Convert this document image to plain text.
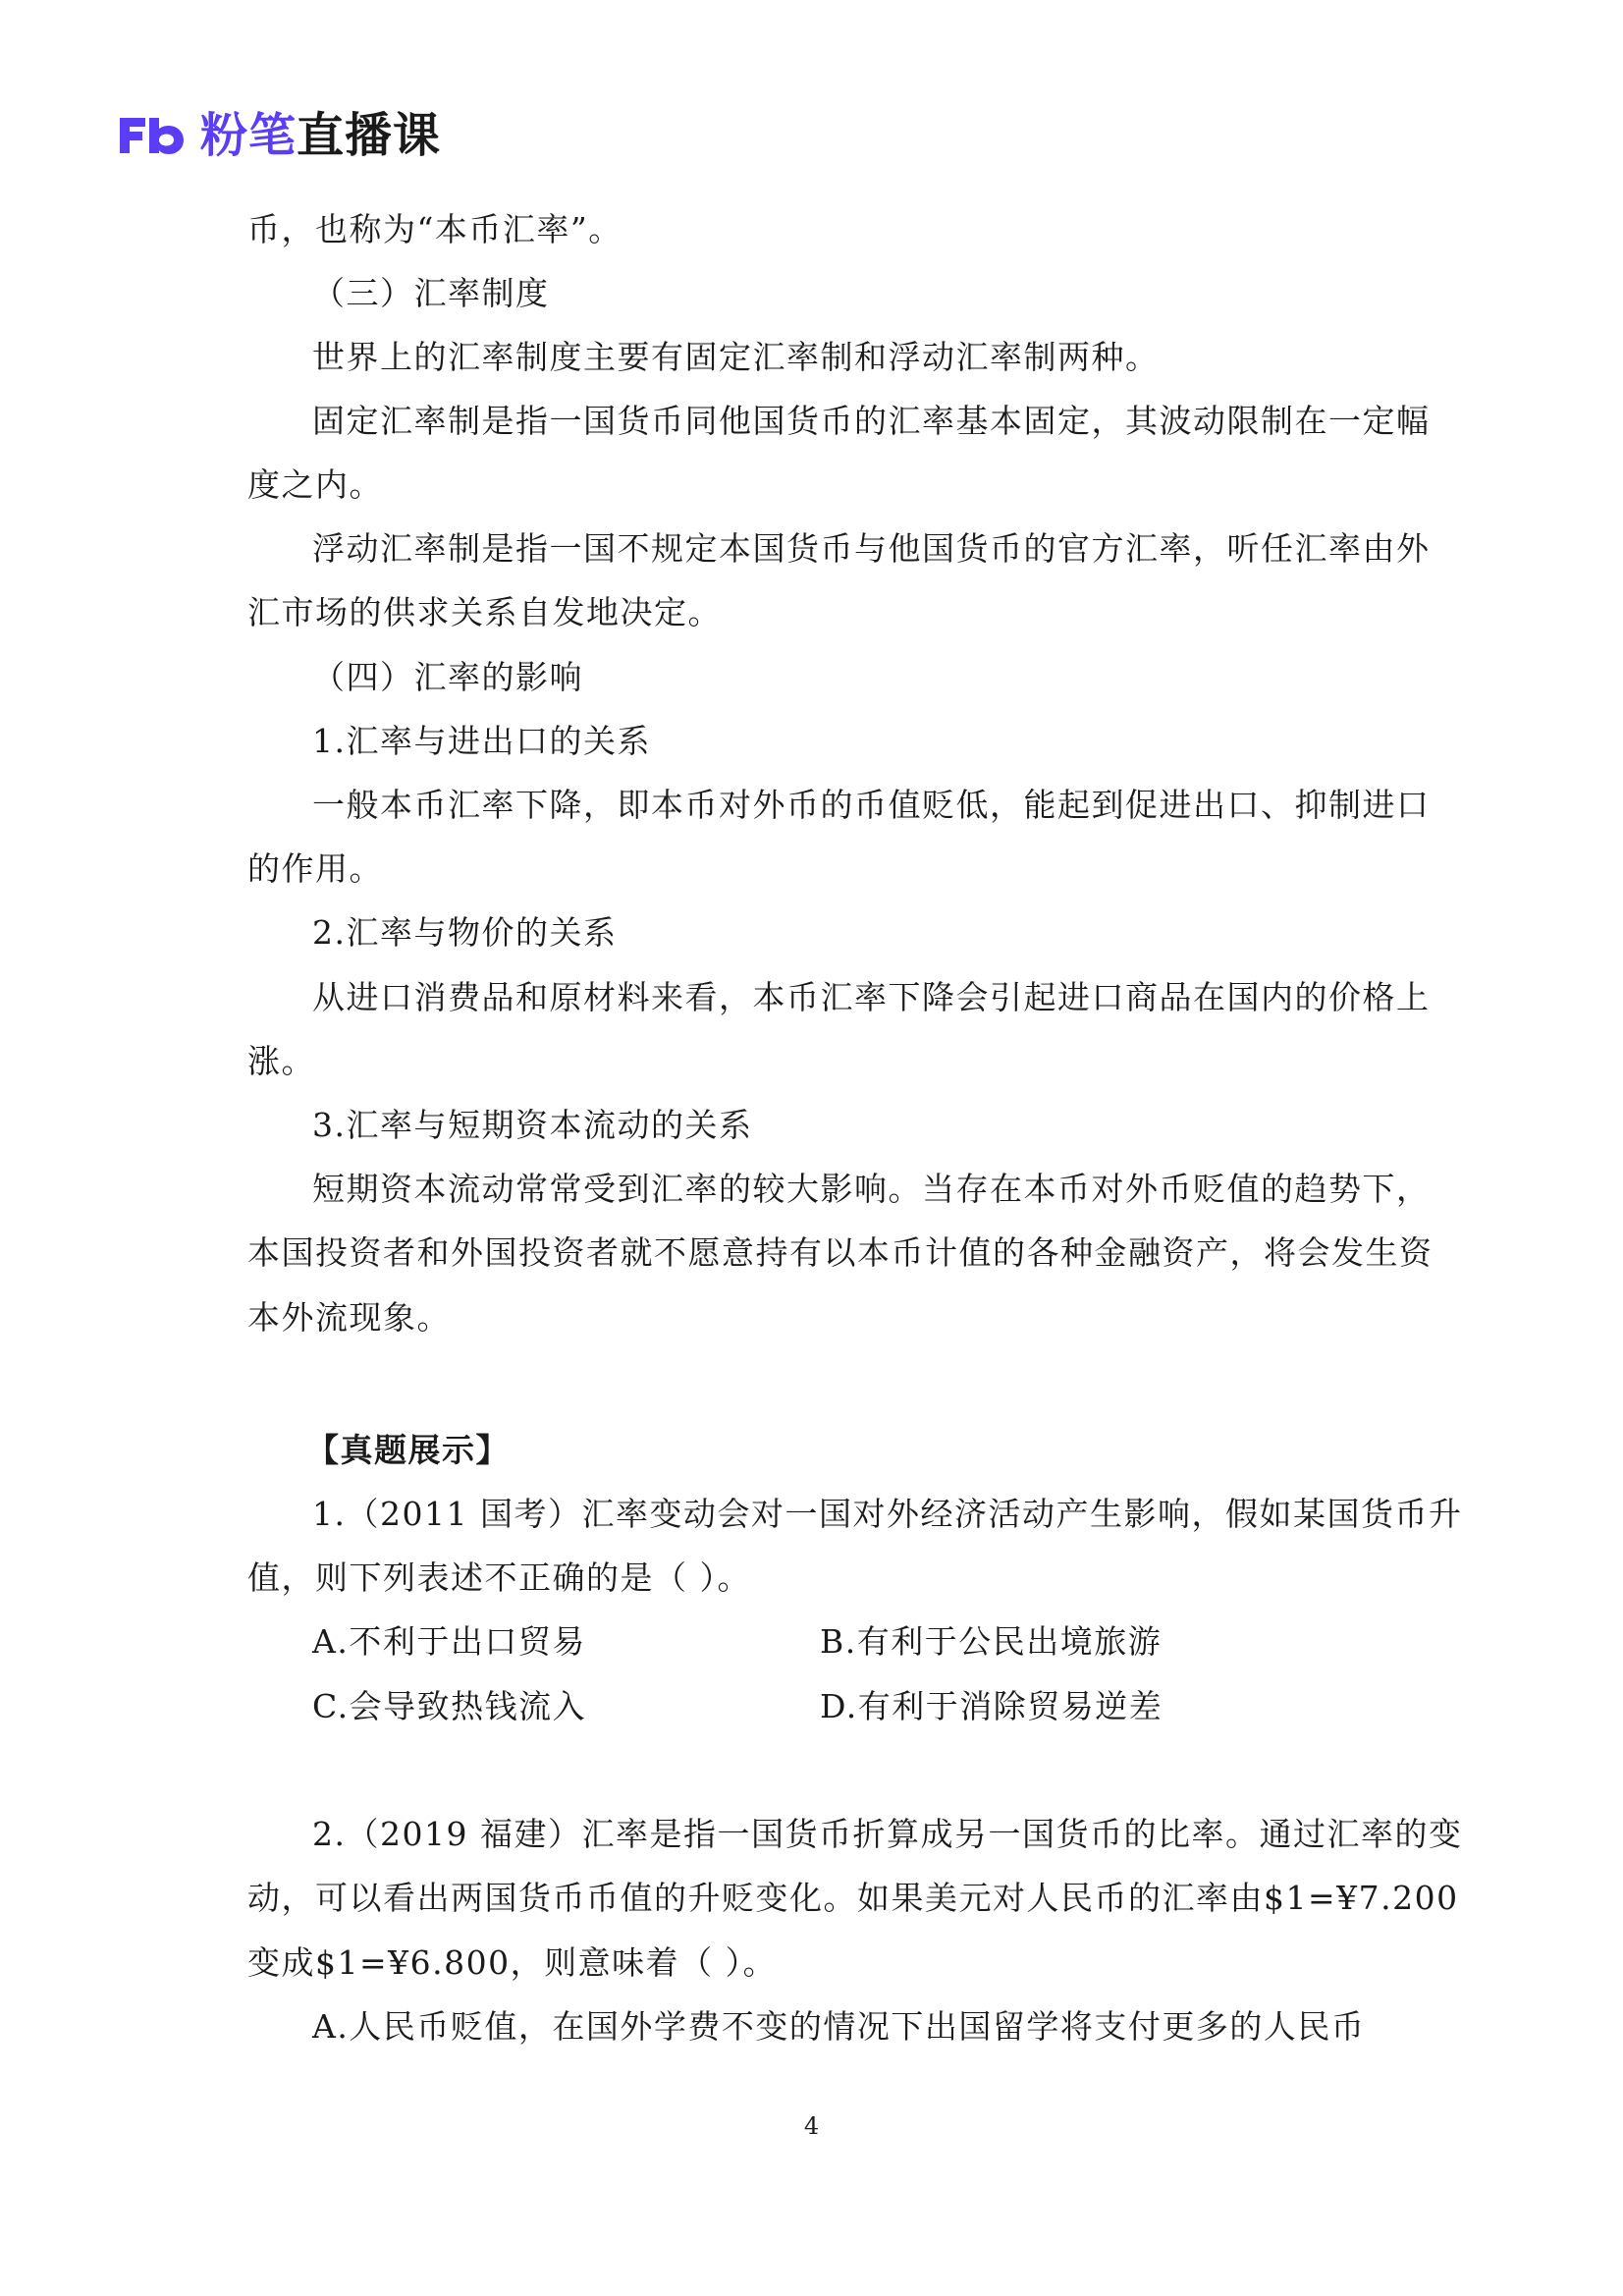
粉笔直播课
币，也称为“本币汇率”。
（三）汇率制度
世界上的汇率制度主要有固定汇率制和浮动汇率制两种。
固定汇率制是指一国货币同他国货币的汇率基本固定，其波动限制在一定幅
度之内。
浮动汇率制是指一国不规定本国货币与他国货币的官方汇率，听任汇率由外
汇市场的供求关系自发地决定。
（四）汇率的影响
1.汇率与进出口的关系
一般本币汇率下降，即本币对外币的币值贬低，能起到促进出口、抑制进口
的作用。
2.汇率与物价的关系
从进口消费品和原材料来看，本币汇率下降会引起进口商品在国内的价格上
涨。
3.汇率与短期资本流动的关系
短期资本流动常常受到汇率的较大影响。当存在本币对外币贬值的趋势下，
本国投资者和外国投资者就不愿意持有以本币计值的各种金融资产，将会发生资
本外流现象。
【真题展示】
1.（2011 国考）汇率变动会对一国对外经济活动产生影响，假如某国货币升
值，则下列表述不正确的是（ ）。
A.不利于出口贸易	B.有利于公民出境旅游
C.会导致热钱流入	D.有利于消除贸易逆差
2.（2019 福建）汇率是指一国货币折算成另一国货币的比率。通过汇率的变
动，可以看出两国货币币值的升贬变化。如果美元对人民币的汇率由$1=¥7.200
变成$1=¥6.800，则意味着（ ）。
A.人民币贬值，在国外学费不变的情况下出国留学将支付更多的人民币
4
